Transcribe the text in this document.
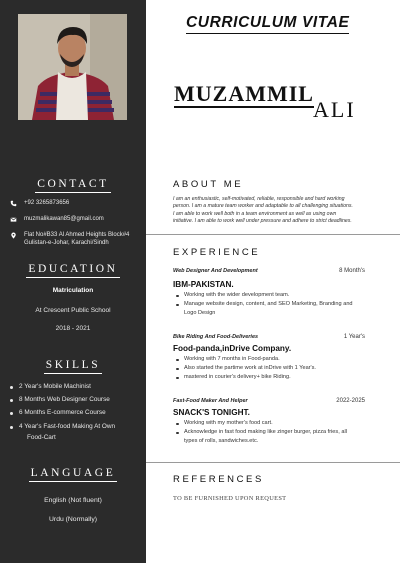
CONTACT
+92 3265873656
muzmalikawan85@gmail.com
Flat No#B33 Al Ahmed Heights Block#4
Gulistan-e-Johar, Karachi/Sindh
EDUCATION
Matriculation
At Crescent Public School
2018 - 2021
SKILLS
2 Year's Mobile Machinist
8 Months Web Designer Course
6 Months E-commerce Course
4 Year's Fast-food Making At Own
Food-Cart
LANGUAGE
English (Not fluent)
Urdu (Normally)
CURRICULUM VITAE
MUZAMMIL
ALI
ABOUT ME
I am an enthusiastic, self-motivated, reliable, responsible and hard working
person. I am a mature team worker and adaptable to all challenging situations.
I am able to work well both in a team environment as well as using own
initiative. I am able to work well under pressure and adhere to strict deadlines.
EXPERIENCE
Web Designer And Development	8 Month's
IBM-PAKISTAN.
Working with the wider development team.
Manage website design, content, and SEO Marketing, Branding and
Logo Design
Bike Riding And Food-Deliveries	1 Year's
Food-panda,inDrive Company.
Working with 7 months in Food-panda.
Also started the partime work at inDrive with 1 Year's.
mastered in courier's delivery+ bike Riding.
Fast-Food Maker And Helper	2022-2025
SNACK'S TONIGHT.
Working with my mother's food cart.
Acknowledge in fast food making like zinger burger, pizza fries, all
types of rolls, sandwiches.etc.
REFERENCES
TO BE FURNISHED UPON REQUEST
